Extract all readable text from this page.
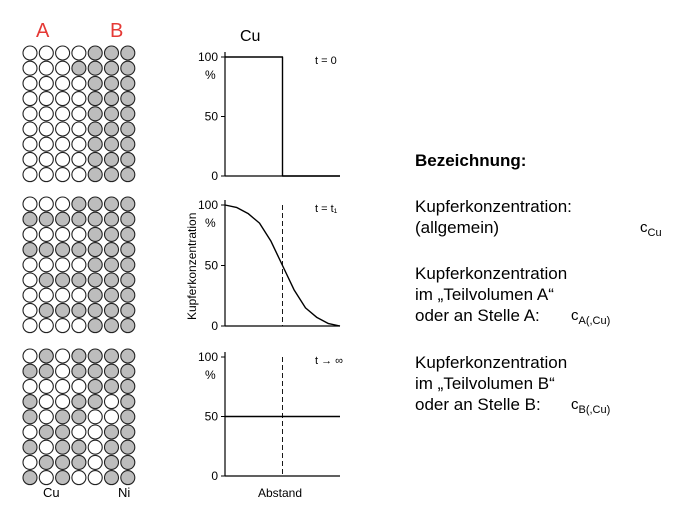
A	B
Cu	Ni
Cu
Kupferkonzentration
Abstand
100
50
0
%
t = 0
100
50
0
%
t = t₁
100
50
0
%
t → ∞
Bezeichnung:
Kupferkonzentration:
(allgemein)	$c_{Cu}$
Kupferkonzentration
im „Teilvolumen A“
oder an Stelle A: $c_{A(,Cu)}$
Kupferkonzentration
im „Teilvolumen B“
oder an Stelle B: $c_{B(,Cu)}$
